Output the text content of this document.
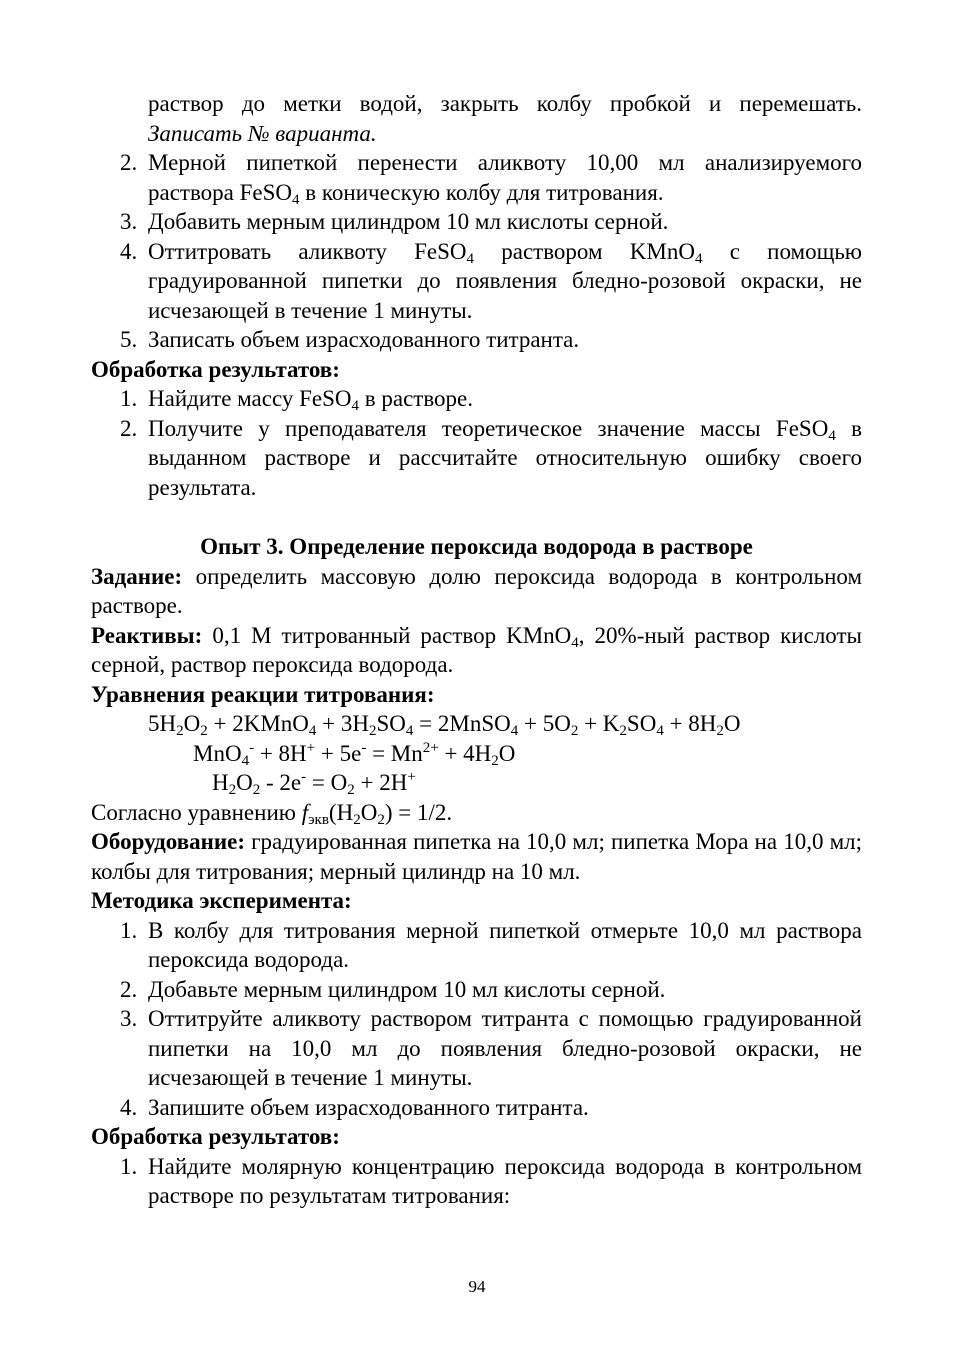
раствор до метки водой, закрыть колбу пробкой и перемешать.

Записать № варианта.

2. Мерной пипеткой перенести аликвоту 10,00 мл анализируемого раствора FeSO$_4$ в коническую колбу для титрования.
3. Добавить мерным цилиндром 10 мл кислоты серной.
4. Оттитровать аликвоту FeSO$_4$ раствором KMnO$_4$ с помощью градуированной пипетки до появления бледно-розовой окраски, не исчезающей в течение 1 минуты.
5. Записать объем израсходованного титранта.

Обработка результатов:

1. Найдите массу FeSO$_4$ в растворе.
2. Получите у преподавателя теоретическое значение массы FeSO$_4$ в выданном растворе и рассчитайте относительную ошибку своего результата.

Опыт 3. Определение пероксида водорода в растворе

Задание: определить массовую долю пероксида водорода в контрольном растворе.

Реактивы: 0,1 М титрованный раствор KMnO$_4$, 20%-ный раствор кислоты серной, раствор пероксида водорода.

Уравнения реакции титрования:

$5H_2O_2$ + 2KMnO$_4$ + $3H_2SO_4$ = 2MnSO$_4$ + $5O_2 + K_2SO_4 + 8H_2O$

$MnO_4^- + 8H^+ + 5e^- = Mn^{2+} + 4H_2O$

$H_2O_2 - 2e^- = O_2 + 2H^+$

Согласно уравнению $f_{экв}(H_2O_2) = 1/2$.

Оборудование: градуированная пипетка на 10,0 мл; пипетка Мора на 10,0 мл; колбы для титрования; мерный цилиндр на 10 мл.

Методика эксперимента:

1. В колбу для титрования мерной пипеткой отмерьте 10,0 мл раствора пероксида водорода.
2. Добавьте мерным цилиндром 10 мл кислоты серной.
3. Оттитруйте аликвоту раствором титранта с помощью градуированной пипетки на 10,0 мл до появления бледно-розовой окраски, не исчезающей в течение 1 минуты.
4. Запишите объем израсходованного титранта.

Обработка результатов:

1. Найдите молярную концентрацию пероксида водорода в контрольном растворе по результатам титрования:
94
